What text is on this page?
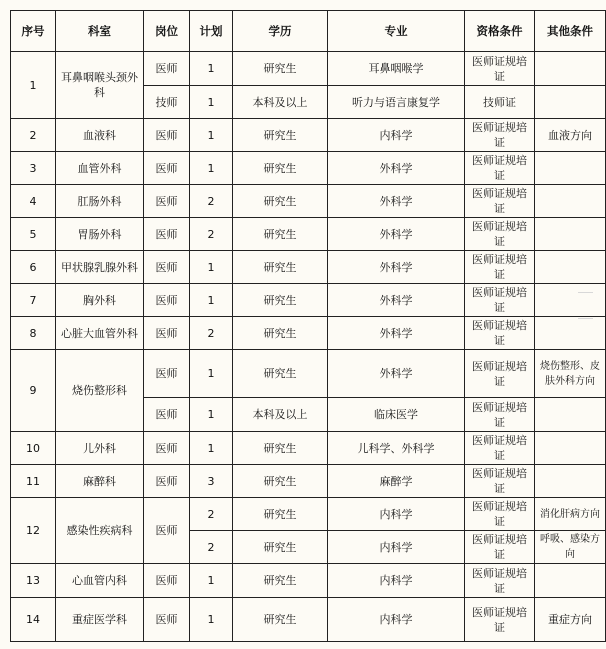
序号	科室	岗位	计划	学历	专业	资格条件	其他条件
1	耳鼻咽喉头颈外科	医师	1	研究生	耳鼻咽喉学	医师证规培证	
		技师	1	本科及以上	听力与语言康复学	技师证	
2	血液科	医师	1	研究生	内科学	医师证规培证	血液方向
3	血管外科	医师	1	研究生	外科学	医师证规培证	
4	肛肠外科	医师	2	研究生	外科学	医师证规培证	
5	胃肠外科	医师	2	研究生	外科学	医师证规培证	
6	甲状腺乳腺外科	医师	1	研究生	外科学	医师证规培证	
7	胸外科	医师	1	研究生	外科学	医师证规培证	
8	心脏大血管外科	医师	2	研究生	外科学	医师证规培证	
9	烧伤整形科	医师	1	研究生	外科学	医师证规培证	烧伤整形、皮肤外科方向
		医师	1	本科及以上	临床医学	医师证规培证	
10	儿外科	医师	1	研究生	儿科学、外科学	医师证规培证	
11	麻醉科	医师	3	研究生	麻醉学	医师证规培证	
12	感染性疾病科	医师	2	研究生	内科学	医师证规培证	消化肝病方向
			2	研究生	内科学	医师证规培证	呼吸、感染方向
13	心血管内科	医师	1	研究生	内科学	医师证规培证	
14	重症医学科	医师	1	研究生	内科学	医师证规培证	重症方向
